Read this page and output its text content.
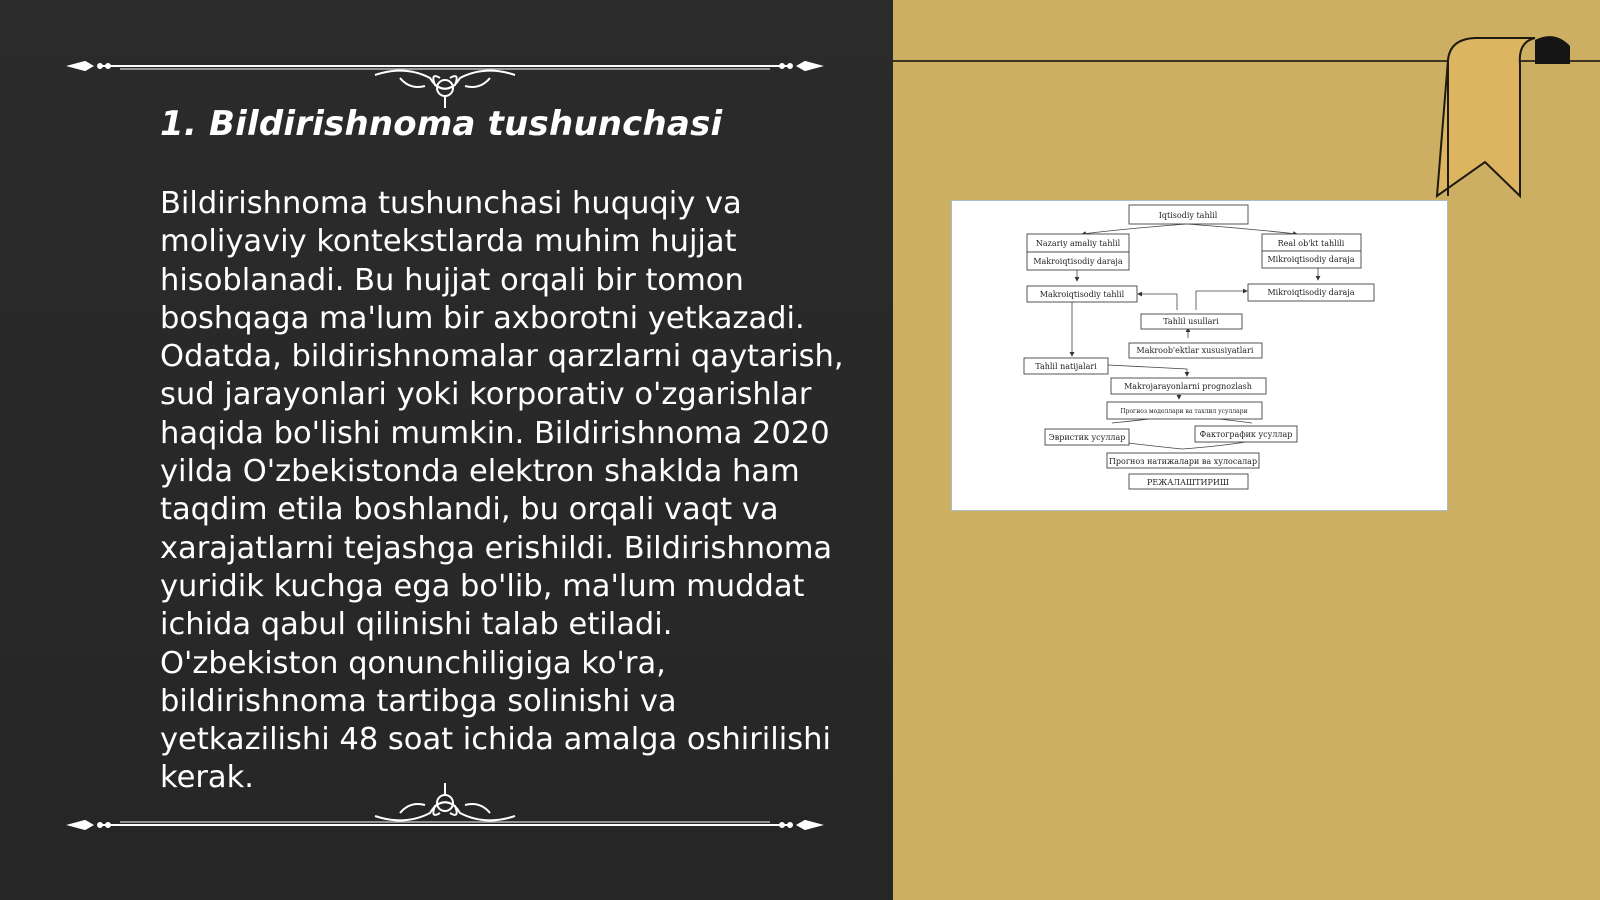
1. Bildirishnoma tushunchasi
Bildirishnoma tushunchasi huquqiy va moliyaviy kontekstlarda muhim hujjat hisoblanadi. Bu hujjat orqali bir tomon boshqaga ma'lum bir axborotni yetkazadi. Odatda, bildirishnomalar qarzlarni qaytarish, sud jarayonlari yoki korporativ o'zgarishlar haqida bo'lishi mumkin. Bildirishnoma 2020 yilda O'zbekistonda elektron shaklda ham taqdim etila boshlandi, bu orqali vaqt va xarajatlarni tejashga erishildi. Bildirishnoma yuridik kuchga ega bo'lib, ma'lum muddat ichida qabul qilinishi talab etiladi. O'zbekiston qonunchiligiga ko'ra, bildirishnoma tartibga solinishi va yetkazilishi 48 soat ichida amalga oshirilishi kerak.
Iqtisodiy tahlil
Nazariy amaliy tahlil
Makroiqtisodiy daraja
Real ob'kt tahlili
Mikroiqtisodiy daraja
Makroiqtisodiy tahlil	Mikroiqtisodiy daraja
Tahlil usullari
Makroob'ektlar xususiyatlari
Tahlil natijalari
Makrojarayonlarni prognozlash
Прогноз моделлари ва тахлил усуллари
Эвристик усуллар	Фактографик усуллар
Прогноз натижалари ва хулосалар
РЕЖАЛАШТИРИШ
